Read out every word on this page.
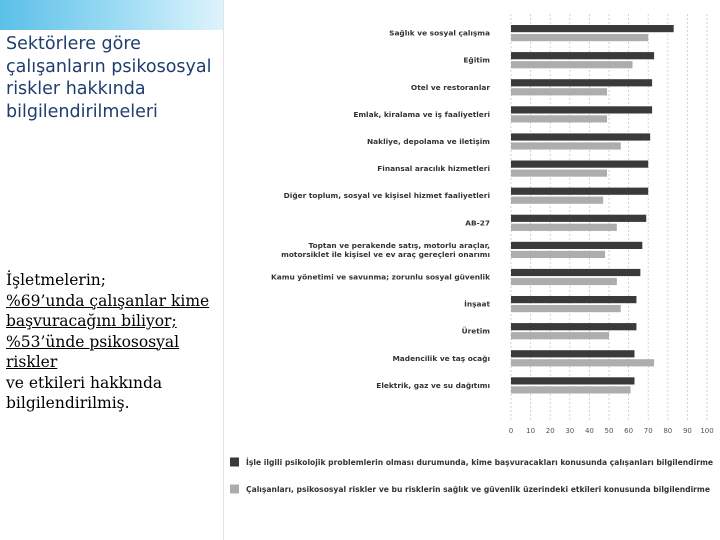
Sektörlere göre çalışanların psikososyal riskler hakkında bilgilendirilmeleri
İşletmelerin;
%69’unda çalışanlar kime başvuracağını biliyor;
%53’ünde psikososyal riskler
ve etkileri hakkında bilgilendirilmiş.
Sağlık ve sosyal çalışma
Eğitim
Otel ve restoranlar
Emlak, kiralama ve iş faaliyetleri
Nakliye, depolama ve iletişim
Finansal aracılık hizmetleri
Diğer toplum, sosyal ve kişisel hizmet faaliyetleri
AB-27
Toptan ve perakende satış, motorlu araçlar,
motorsiklet ile kişisel ve ev araç gereçleri onarımı
Kamu yönetimi ve savunma; zorunlu sosyal güvenlik
İnşaat
Üretim
Madencilik ve taş ocağı
Elektrik, gaz ve su dağıtımı
0 10 20 30 40 50 60 70 80 90 100
İşle ilgili psikolojik problemlerin olması durumunda, kime başvuracakları konusunda çalışanları bilgilendirme
Çalışanları, psikososyal riskler ve bu risklerin sağlık ve güvenlik üzerindeki etkileri konusunda bilgilendirme
